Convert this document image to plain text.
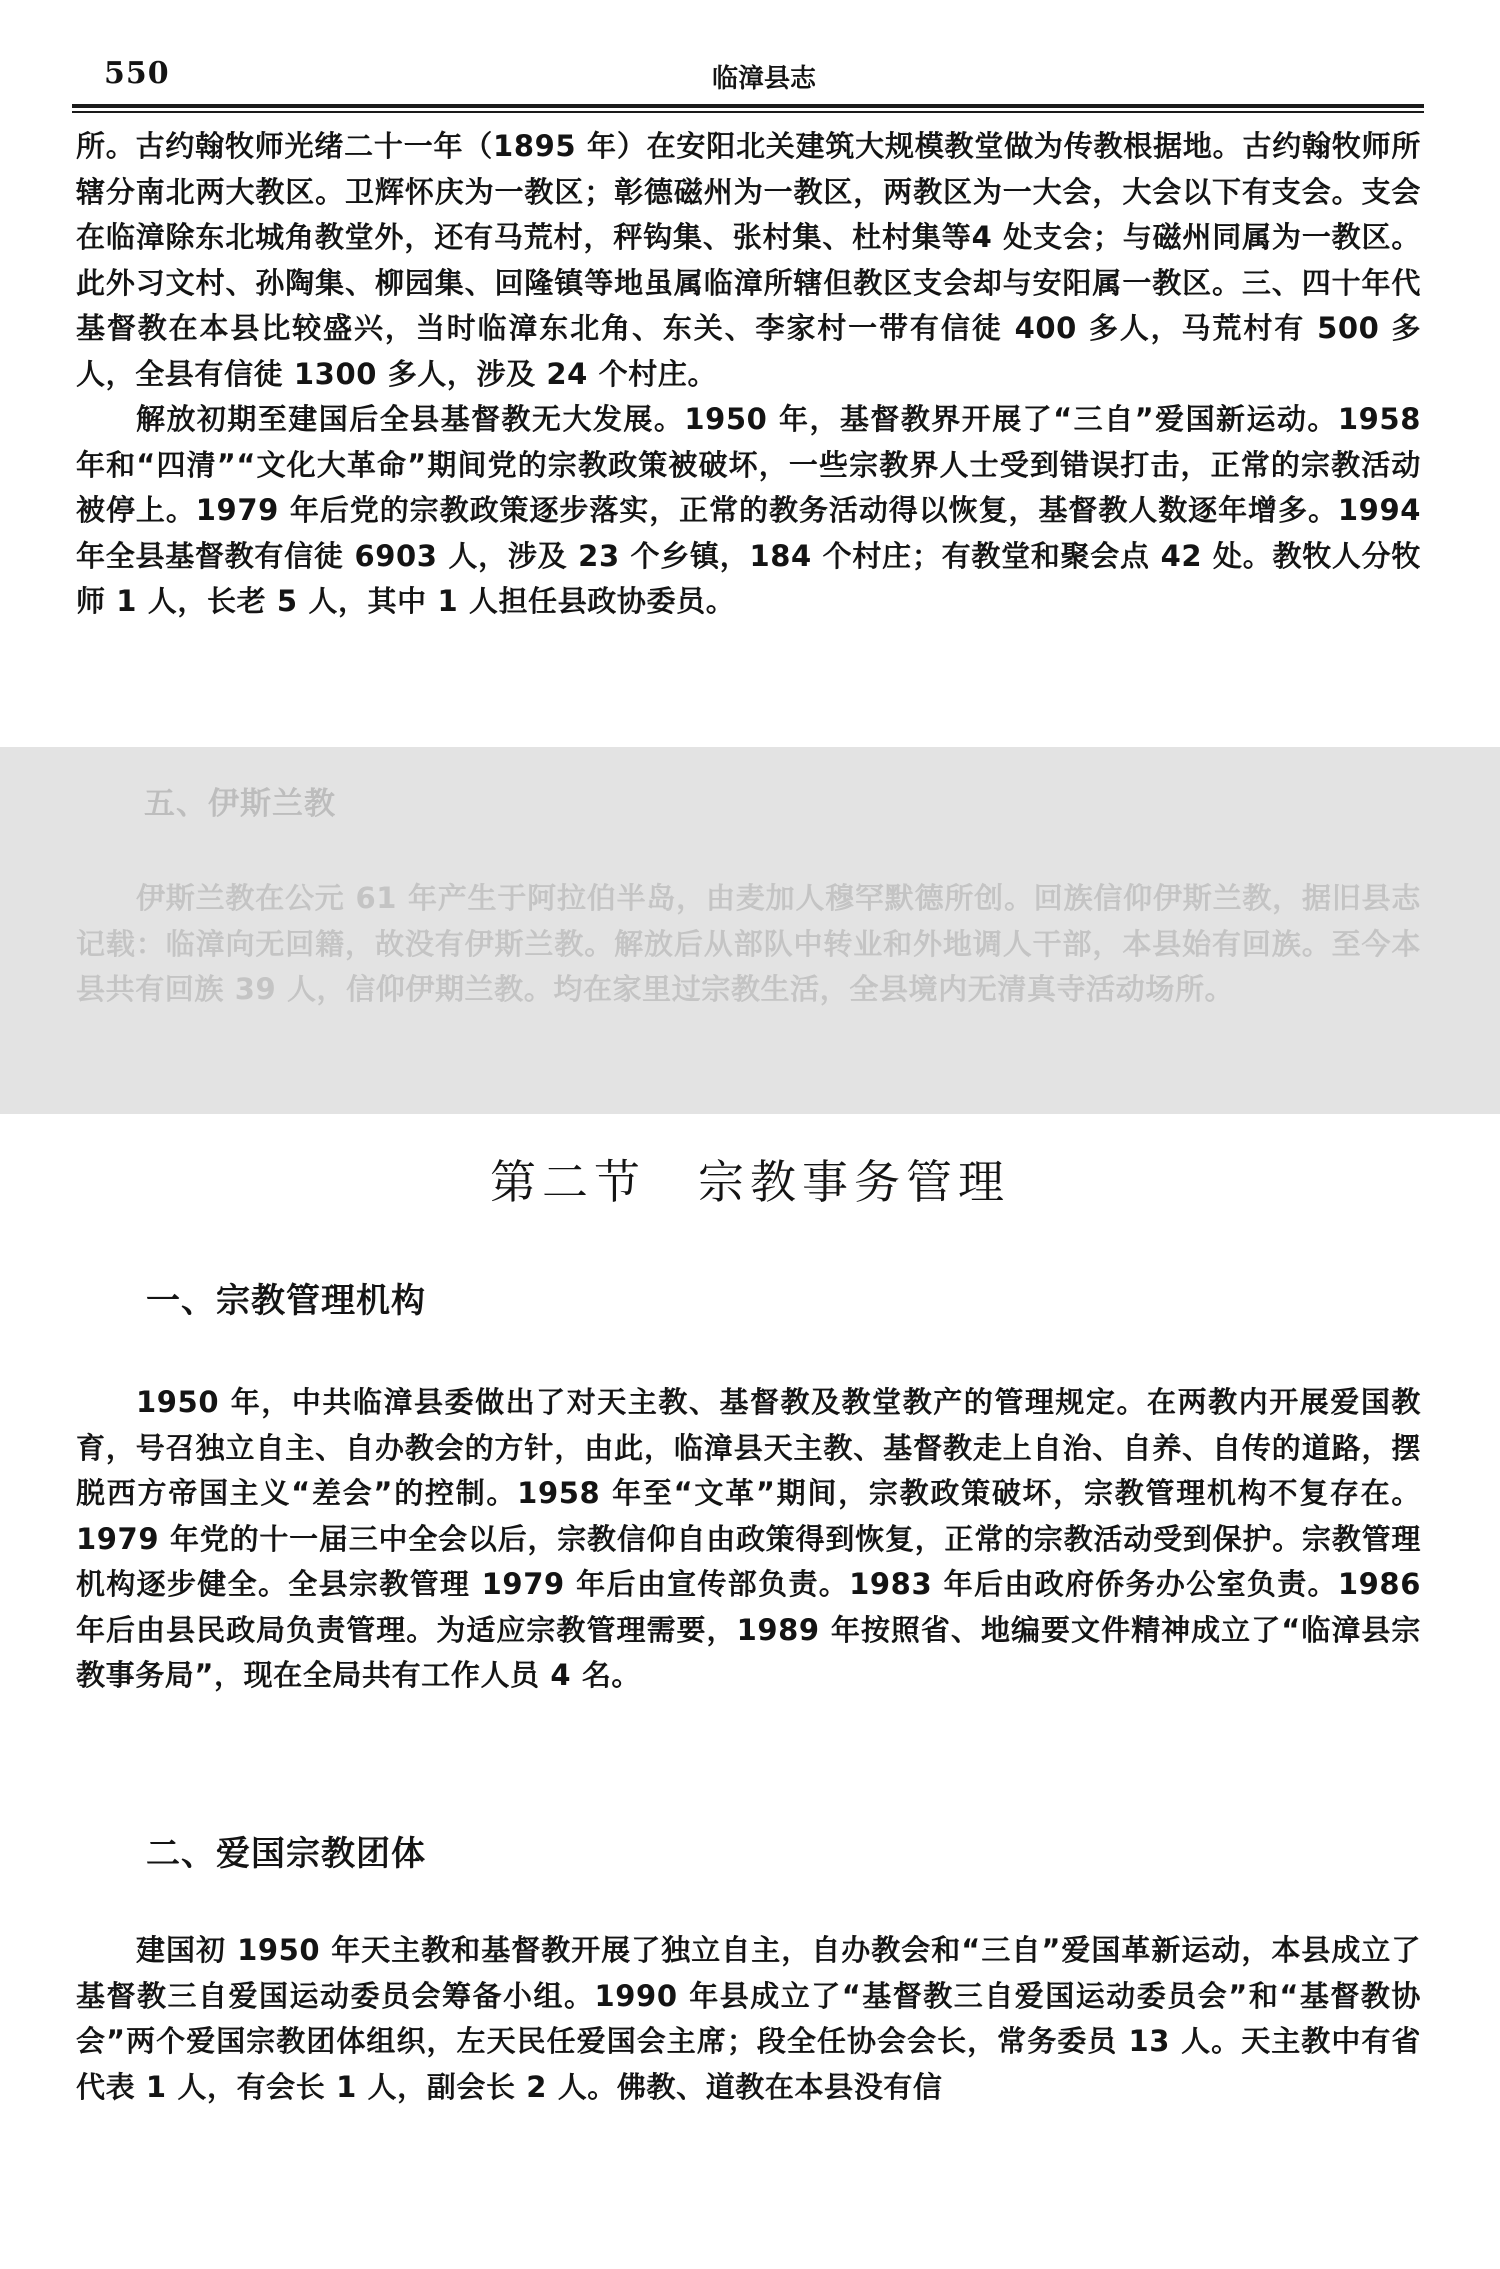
550	临漳县志

所。古约翰牧师光绪二十一年（1895 年）在安阳北关建筑大规模教堂做为传教根据地。古约翰牧师所辖分南北两大教区。卫辉怀庆为一教区；彰德磁州为一教区，两教区为一大会，大会以下有支会。支会在临漳除东北城角教堂外，还有马荒村，秤钩集、张村集、杜村集等4 处支会；与磁州同属为一教区。此外习文村、孙陶集、柳园集、回隆镇等地虽属临漳所辖但教区支会却与安阳属一教区。三、四十年代基督教在本县比较盛兴，当时临漳东北角、东关、李家村一带有信徒 400 多人，马荒村有 500 多人，全县有信徒 1300 多人，涉及 24 个村庄。

解放初期至建国后全县基督教无大发展。1950 年，基督教界开展了“三自”爱国新运动。1958 年和“四清”“文化大革命”期间党的宗教政策被破坏，一些宗教界人士受到错误打击，正常的宗教活动被停上。1979 年后党的宗教政策逐步落实，正常的教务活动得以恢复，基督教人数逐年增多。1994 年全县基督教有信徒 6903 人，涉及 23 个乡镇，184 个村庄；有教堂和聚会点 42 处。教牧人分牧师 1 人，长老 5 人，其中 1 人担任县政协委员。

五、伊斯兰教

伊斯兰教在公元 61 年产生于阿拉伯半岛，由麦加人穆罕默德所创。回族信仰伊斯兰教，据旧县志记载：临漳向无回籍，故没有伊斯兰教。解放后从部队中转业和外地调人干部，本县始有回族。至今本县共有回族 39 人，信仰伊期兰教。均在家里过宗教生活，全县境内无清真寺活动场所。

第二节　宗教事务管理
一、宗教管理机构

1950 年，中共临漳县委做出了对天主教、基督教及教堂教产的管理规定。在两教内开展爱国教育，号召独立自主、自办教会的方针，由此，临漳县天主教、基督教走上自治、自养、自传的道路，摆脱西方帝国主义“差会”的控制。1958 年至“文革”期间，宗教政策破坏，宗教管理机构不复存在。1979 年党的十一届三中全会以后，宗教信仰自由政策得到恢复，正常的宗教活动受到保护。宗教管理机构逐步健全。全县宗教管理 1979 年后由宣传部负责。1983 年后由政府侨务办公室负责。1986 年后由县民政局负责管理。为适应宗教管理需要，1989 年按照省、地编要文件精神成立了“临漳县宗教事务局”，现在全局共有工作人员 4 名。

二、爱国宗教团体

建国初 1950 年天主教和基督教开展了独立自主，自办教会和“三自”爱国革新运动，本县成立了基督教三自爱国运动委员会筹备小组。1990 年县成立了“基督教三自爱国运动委员会”和“基督教协会”两个爱国宗教团体组织，左天民任爱国会主席；段全任协会会长，常务委员 13 人。天主教中有省代表 1 人，有会长 1 人，副会长 2 人。佛教、道教在本县没有信
